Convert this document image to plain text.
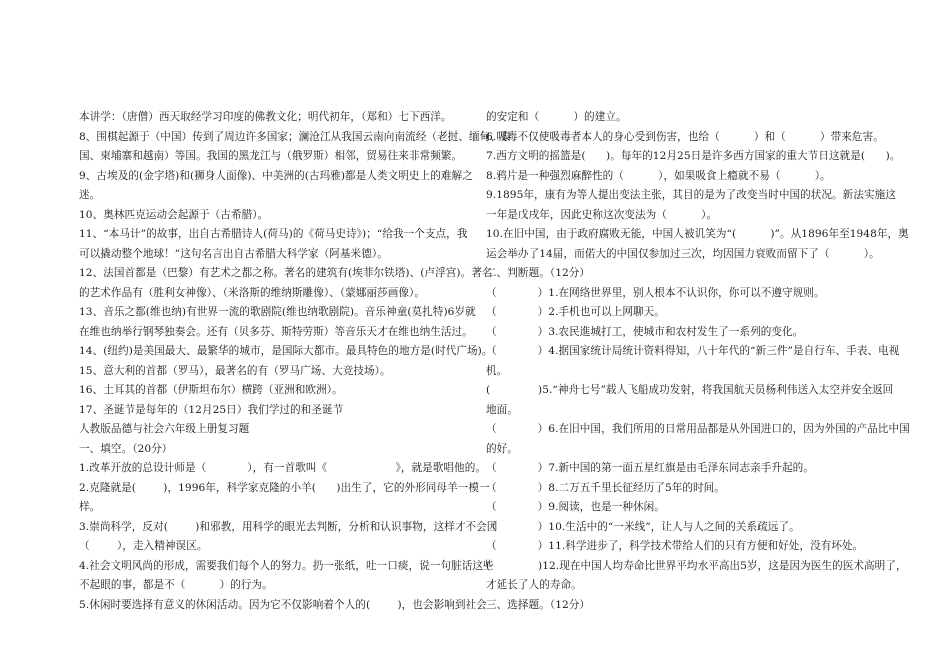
本讲学：（唐僧）西天取经学习印度的佛教文化；明代初年，（郑和）七下西洋。
8、围棋起源于（中国）传到了周边许多国家；澜沧江从我国云南向南流经（老挝、缅甸、泰
国、柬埔寨和越南）等国。我国的黑龙江与（俄罗斯）相邻，贸易往来非常频繁。
9、古埃及的(金字塔)和(狮身人面像)、中美洲的(古玛雅)都是人类文明史上的难解之
迷。
10、奥林匹克运动会起源于（古希腊）。
11、“本马计”的故事，出自古希腊诗人(荷马)的《荷马史诗》)；“给我一个支点，我
可以撬动整个地球！”这句名言出自古希腊大科学家（阿基米德）。
12、法国首都是（巴黎）有艺术之都之称。著名的建筑有(埃菲尔铁塔)、(卢浮宫)。著名
的艺术作品有（胜利女神像）、（米洛斯的维纳斯雕像）、（蒙娜丽莎画像）。
13、音乐之都(维也纳)有世界一流的歌剧院(维也纳歌剧院)。音乐神童(莫扎特)6岁就
在维也纳举行钢琴独奏会。还有（贝多芬、斯特劳斯）等音乐天才在维也纳生活过。
14、(纽约)是美国最大、最繁华的城市，是国际大都市。最具特色的地方是(时代广场)。
15、意大利的首都（罗马），最著名的有（罗马广场、大竞技场）。
16、土耳其的首都（伊斯坦布尔）横跨（亚洲和欧洲）。
17、圣诞节是每年的（12月25日）我们学过的和圣诞节
人教版品德与社会六年级上册复习题
一、填空。（20分）
1.改革开放的总设计师是（            ），有一首歌叫《                    》，就是歌唱他的。
2.克隆就是(        )，1996年，科学家克隆的小羊(      )出生了，它的外形同母羊一模一
样。
3.崇尚科学，反对(        )和邪教，用科学的眼光去判断，分析和认识事物，这样才不会因
（        ），走入精神误区。
4.社会文明风尚的形成，需要我们每个人的努力。扔一张纸，吐一口痰，说一句脏话这些
不起眼的事，都是不（          ）的行为。
5.休闲时要选择有意义的休闲活动。因为它不仅影响着个人的(        )，也会影响到社会
的安定和（          ）的建立。
6.吸毒不仅使吸毒者本人的身心受到伤害，也给（          ）和（          ）带来危害。
7.西方文明的摇篮是(      )。每年的12月25日是许多西方国家的重大节日这就是(      )。
8.鸦片是一种强烈麻醉性的（          ），如果吸食上瘾就不易（          ）。
9.1895年，康有为等人提出变法主张，其目的是为了改变当时中国的状况。新法实施这
一年是戊戌年，因此史称这次变法为（          ）。
10.在旧中国，由于政府腐败无能，中国人被讥笑为“(          )”。从1896年至1948年，奥
运会举办了14届，而偌大的中国仅参加过三次，均因国力衰败而留下了（          ）。
二、判断题。（12分）
（            ）1.在网络世界里，别人根本不认识你，你可以不遵守规则。
（            ）2.手机也可以上网聊天。
（            ）3.农民進城打工，使城市和农村发生了一系列的变化。
（            ）4.据国家统计局统计资料得知，八十年代的“新三件”是自行车、手表、电视
机。
(              )5.“神舟七号”载人飞船成功发射，将我国航天员杨利伟送入太空并安全返回
地面。
（            ）6.在旧中国，我们所用的日常用品都是从外国进口的，因为外国的产品比中国
的好。
（            ）7.新中国的第一面五星红旗是由毛泽东同志亲手升起的。
（            ）8.二万五千里长征经历了5年的时间。
（            ）9.阅读，也是一种休闲。
（            ）10.生活中的“一米线”，让人与人之间的关系疏远了。
（            ）11.科学进步了，科学技术带给人们的只有方便和好处，没有坏处。
(              )12.现在中国人均寿命比世界平均水平高出5岁，这是因为医生的医术高明了，
才延长了人的寿命。
三、选择题。（12分）
